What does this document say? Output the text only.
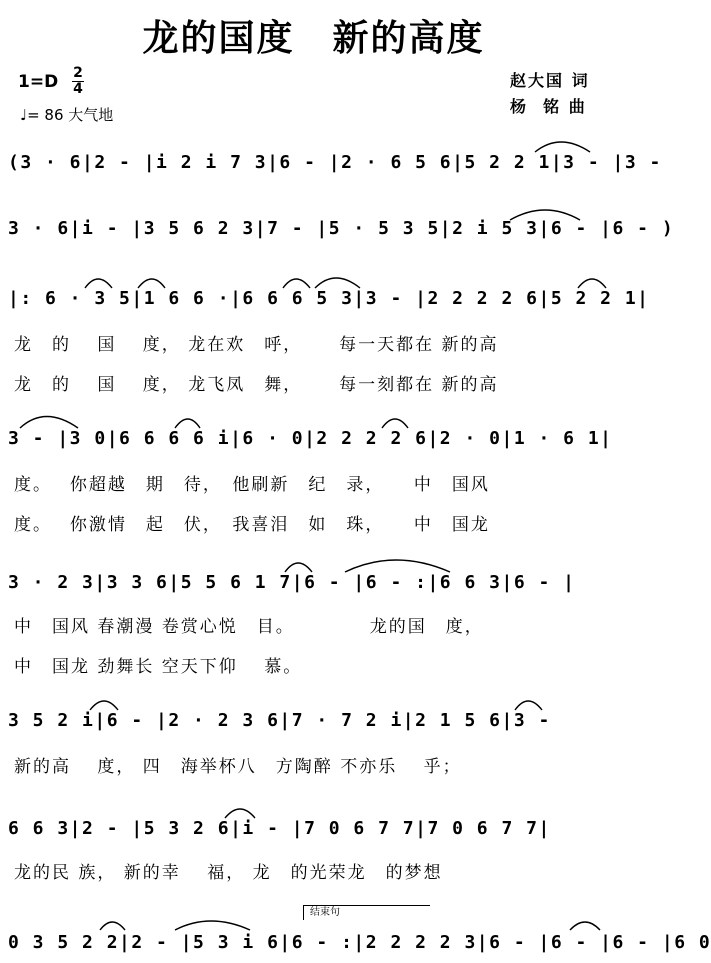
龙的国度　新的高度
1=D 2
4
♩= 86 大气地
赵大国 词
杨  铭 曲
(3 · 6|2 - |i 2 i 7 3|6 - |2 · 6 5 6|5 2 2 1|3 - |3 -
3 · 6|i - |3 5 6 2 3|7 - |5 · 5 3 5|2 i 5 3|6 - |6 - )
|: 6 · 3 5|1 6 6 ·|6 6 6 5 3|3 - |2 2 2 2 6|5 2 2 1|
龙　的　 国　 度， 龙在欢　呼，　　 每一天都在 新的高
龙　的　 国　 度， 龙飞凤　舞，　　 每一刻都在 新的高
3 - |3 0|6 6 6 6 i|6 · 0|2 2 2 2 6|2 · 0|1 · 6 1|
度。　 你超越　期　待，　他刷新　纪　录，　　中　国风
度。　 你激情　起　伏，　我喜泪　如　珠，　　中　国龙
3 · 2 3|3 3 6|5 5 6 1 7|6 - |6 - :|6 6 3|6 - |
中　国风 春潮漫 卷赏心悦　目。　　　　 龙的国　度，
中　国龙 劲舞长 空天下仰　 慕。
3 5 2 i|6 - |2 · 2 3 6|7 · 7 2 i|2 1 5 6|3 -
新的高　 度， 四　海举杯八　方陶醉 不亦乐　 乎；
6 6 3|2 - |5 3 2 6|i - |7 0 6 7 7|7 0 6 7 7|
龙的民 族， 新的幸　 福， 龙　的光荣龙　的梦想
结束句
0 3 5 2 2|2 - |5 3 i 6|6 - :|2 2 2 2 3|6 - |6 - |6 - |6 0
